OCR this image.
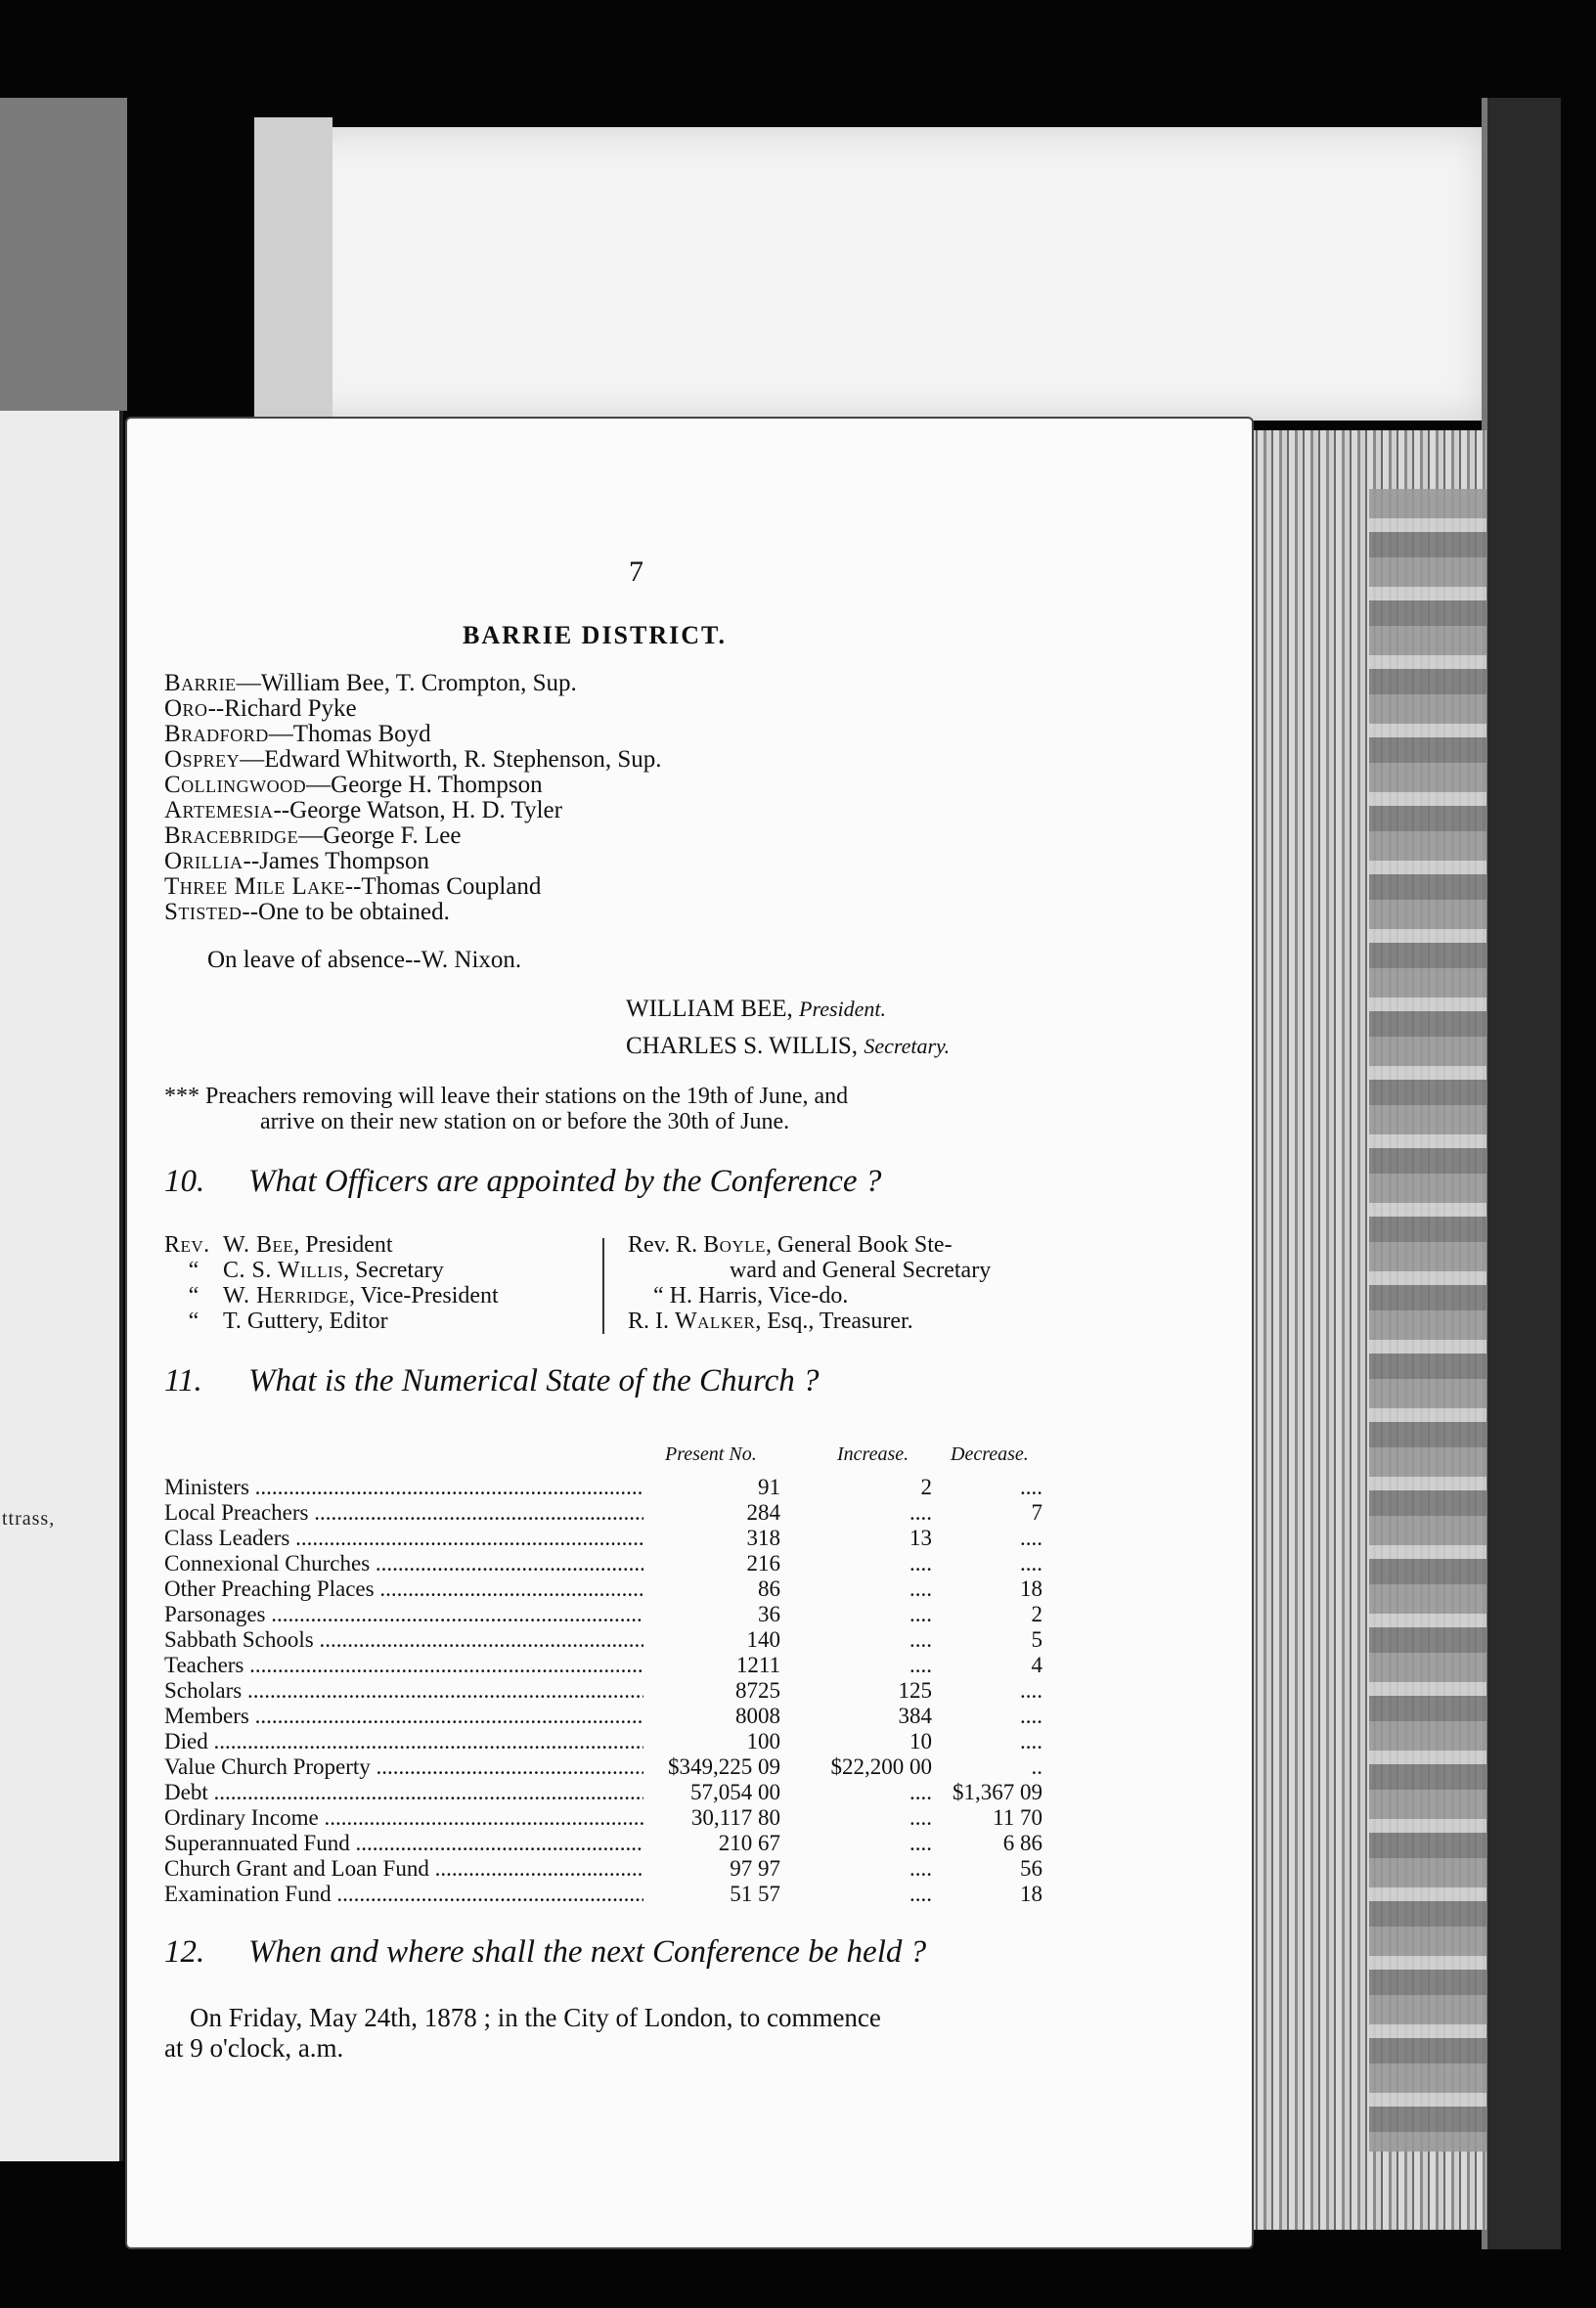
ttrass,
7
BARRIE DISTRICT.
Barrie—William Bee, T. Crompton, Sup.
Oro--Richard Pyke
Bradford—Thomas Boyd
Osprey—Edward Whitworth, R. Stephenson, Sup.
Collingwood—George H. Thompson
Artemesia--George Watson, H. D. Tyler
Bracebridge—George F. Lee
Orillia--James Thompson
Three Mile Lake--Thomas Coupland
Stisted--One to be obtained.
On leave of absence--W. Nixon.
WILLIAM BEE, President.
CHARLES S. WILLIS, Secretary.
*** Preachers removing will leave their stations on the 19th of June, and
arrive on their new station on or before the 30th of June.
10. What Officers are appointed by the Conference ?
Rev. W. Bee, President
“ C. S. Willis, Secretary
“ W. Herridge, Vice-President
“ T. Guttery, Editor
Rev. R. Boyle, General Book Ste-
ward and General Secretary
“ H. Harris, Vice-do.
R. I. Walker, Esq., Treasurer.
11. What is the Numerical State of the Church ?
Present No.	Increase. Decrease.
Ministers .....	91	2	....
Local Preachers .....	284	....	7
Class Leaders .....	318	13	....
Connexional Churches .....	216	....	....
Other Preaching Places .....	86	....	18
Parsonages .....	36	....	2
Sabbath Schools .....	140	....	5
Teachers .....	1211	....	4
Scholars .....	8725	125	....
Members .....	8008	384	....
Died .....	100	10	....
Value Church Property .....	$349,225 09	$22,200 00	..
Debt .....	57,054 00	.... $1,367 09
Ordinary Income .....	30,117 80	....	11 70
Superannuated Fund .....	210 67	....	6 86
Church Grant and Loan Fund .....	97 97	....	56
Examination Fund .....	51 57	....	18
12. When and where shall the next Conference be held ?
On Friday, May 24th, 1878 ; in the City of London, to commence
at 9 o'clock, a.m.
